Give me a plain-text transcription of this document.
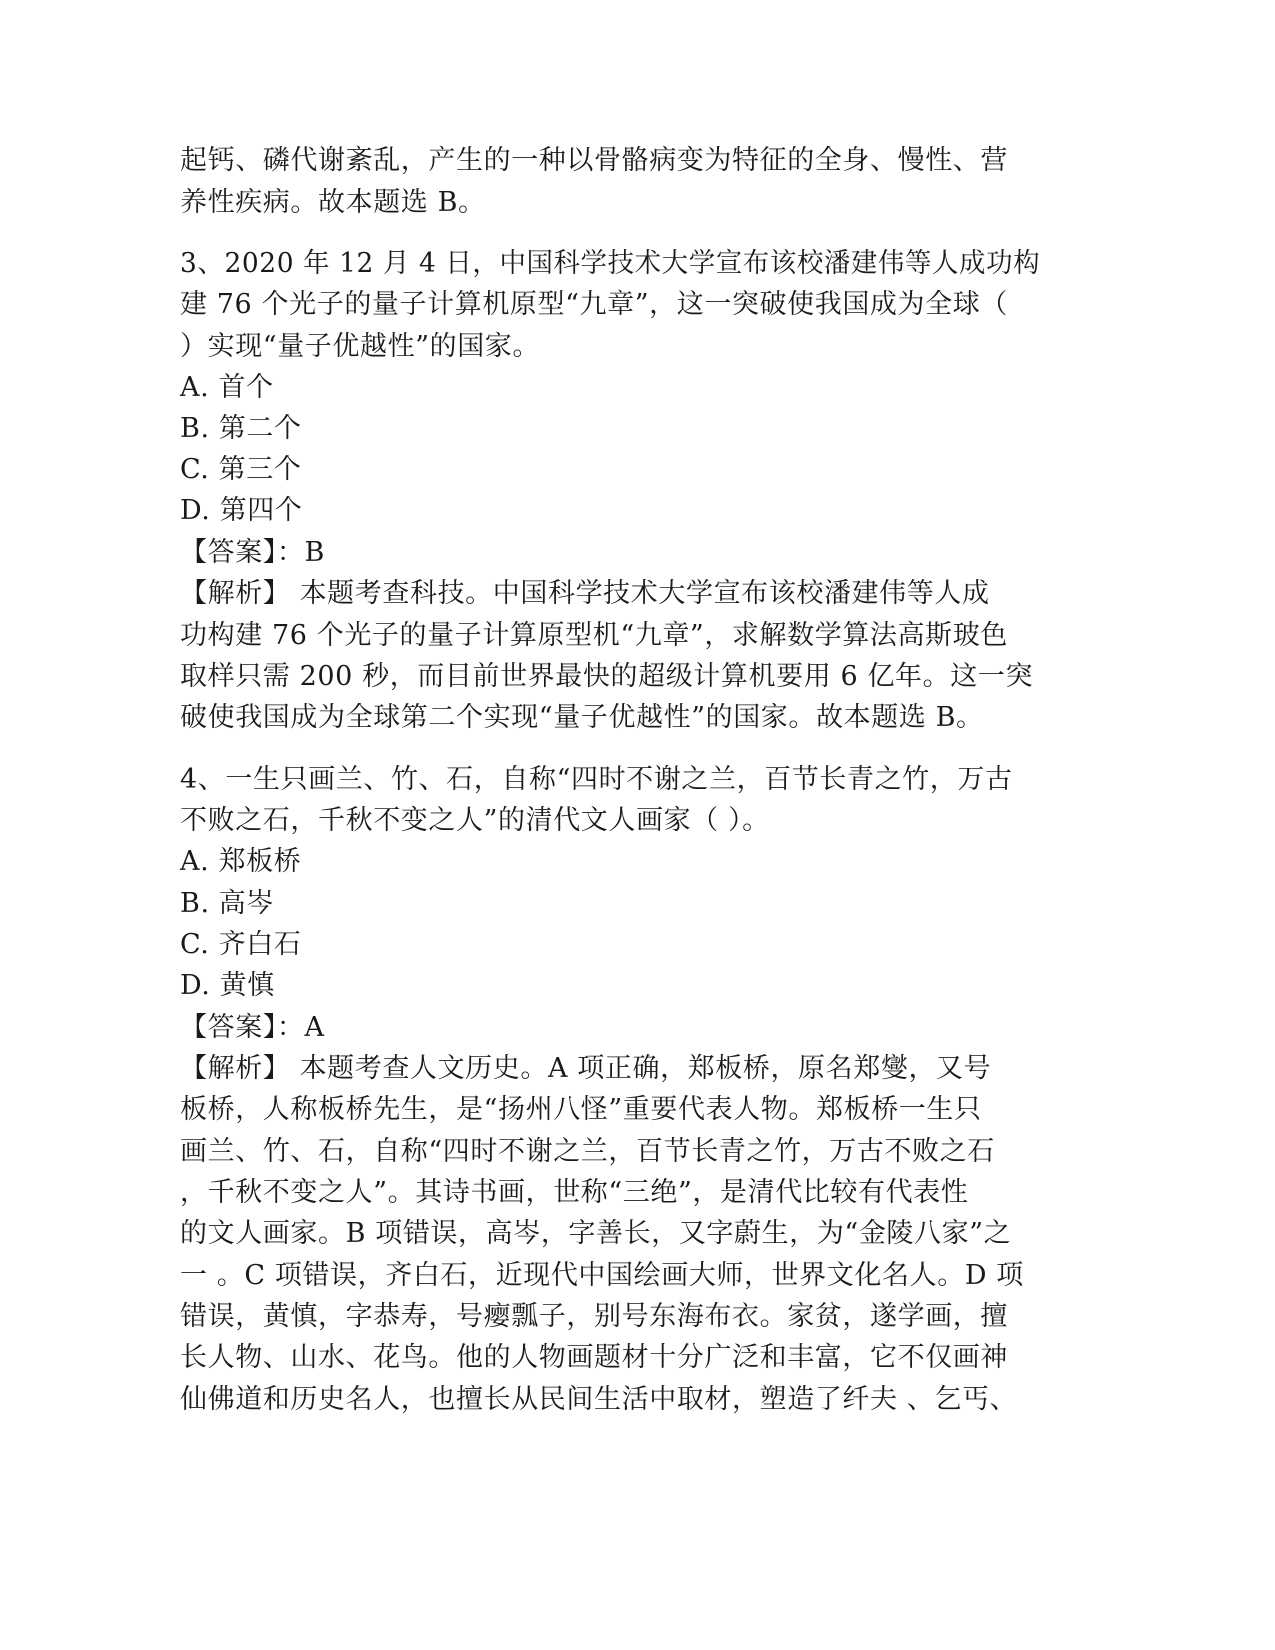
起钙、磷代谢紊乱，产生的一种以骨骼病变为特征的全身、慢性、营
养性疾病。故本题选 B。
3、2020 年 12 月 4 日，中国科学技术大学宣布该校潘建伟等人成功构
建 76 个光子的量子计算机原型“九章”，这一突破使我国成为全球（
）实现“量子优越性”的国家。
A. 首个
B. 第二个
C. 第三个
D. 第四个
【答案】：B
【解析】 本题考查科技。中国科学技术大学宣布该校潘建伟等人成
功构建 76 个光子的量子计算原型机“九章”，求解数学算法高斯玻色
取样只需 200 秒，而目前世界最快的超级计算机要用 6 亿年。这一突
破使我国成为全球第二个实现“量子优越性”的国家。故本题选 B。
4、一生只画兰、竹、石，自称“四时不谢之兰，百节长青之竹，万古
不败之石，千秋不变之人”的清代文人画家（ ）。
A. 郑板桥
B. 高岑
C. 齐白石
D. 黄慎
【答案】：A
【解析】 本题考查人文历史。A 项正确，郑板桥，原名郑燮，又号
板桥，人称板桥先生，是“扬州八怪”重要代表人物。郑板桥一生只
画兰、竹、石，自称“四时不谢之兰，百节长青之竹，万古不败之石
，千秋不变之人”。其诗书画，世称“三绝”，是清代比较有代表性
的文人画家。B 项错误，高岑，字善长，又字蔚生，为“金陵八家”之
一 。C 项错误，齐白石，近现代中国绘画大师，世界文化名人。D 项
错误，黄慎，字恭寿，号瘿瓢子，别号东海布衣。家贫，遂学画，擅
长人物、山水、花鸟。他的人物画题材十分广泛和丰富，它不仅画神
仙佛道和历史名人，也擅长从民间生活中取材，塑造了纤夫 、乞丐、
